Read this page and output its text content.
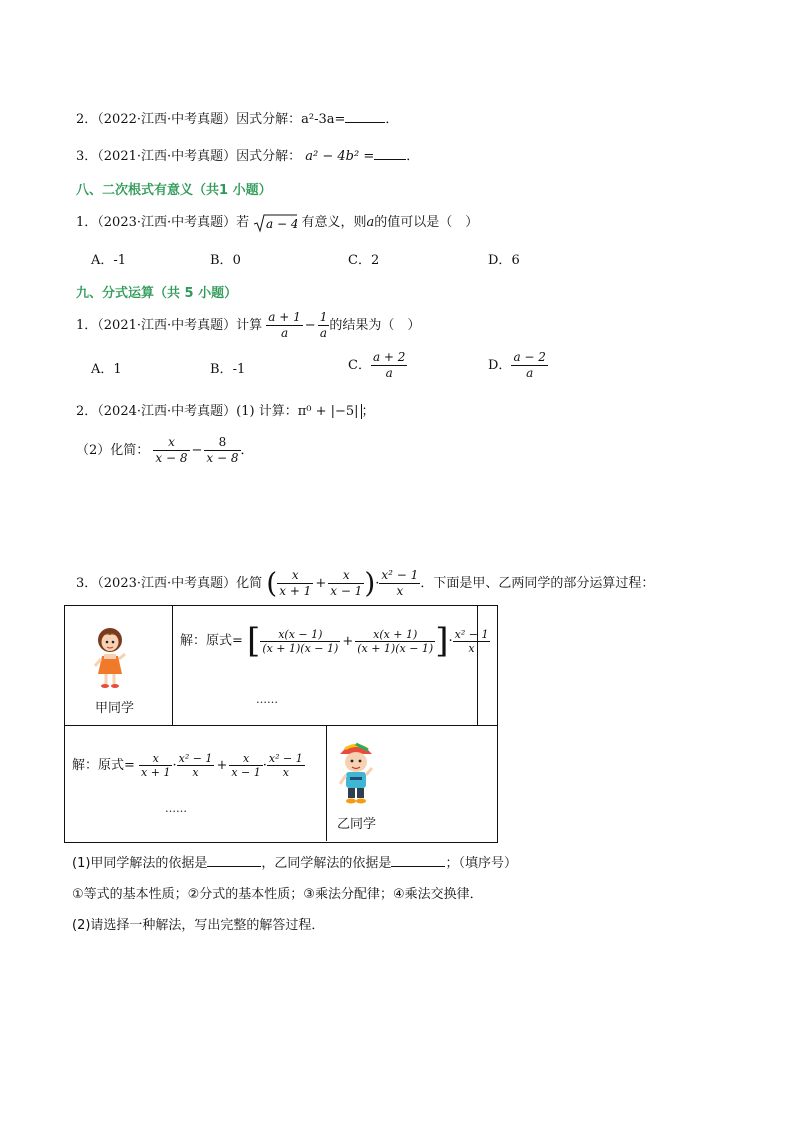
2．（2022·江西·中考真题）因式分解：a²-3a=	．
3．（2021·江西·中考真题）因式分解： a² − 4b² = ．
八、二次根式有意义（共1 小题）
1．（2023·江西·中考真题）若 a − 4 有意义，则a的值可以是（　）
A．-1	B．0	C．2	D．6
九、分式运算（共 5 小题）
1．（2021·江西·中考真题）计算 $\frac{a + 1}{a} - \frac{1}{a}$ 的结果为（　）
A．1	B．-1	C． $\frac{a + 2}{a}$	D． $\frac{a - 2}{a}$
2．（2024·江西·中考真题）(1) 计算：π⁰ + |−5| ；
（2）化简： $\frac{x}{x - 8} - \frac{8}{x - 8}$ ．
3．（2023·江西·中考真题）化简 ( $\frac{x}{x + 1} + \frac{x}{x - 1}$ )· $\frac{\text{x² − 1}}{x}$ ．下面是甲、乙两同学的部分运算过程：
甲同学
解：原式= [ $\frac{x(x - 1)}{(x + 1)(x - 1)} + \frac{x(x + 1)}{(x + 1)(x - 1)}$ ]· $\frac{\text{x² − 1}}{x}$
……
解：原式= $\frac{x}{x + 1} \cdot \frac{\text{x² − 1}}{x} + \frac{x}{x - 1} \cdot \frac{\text{x² − 1}}{x}$
……
乙同学
(1)甲同学解法的依据是	，乙同学解法的依据是	；（填序号）
①等式的基本性质；②分式的基本性质；③乘法分配律；④乘法交换律．
(2)请选择一种解法，写出完整的解答过程．
